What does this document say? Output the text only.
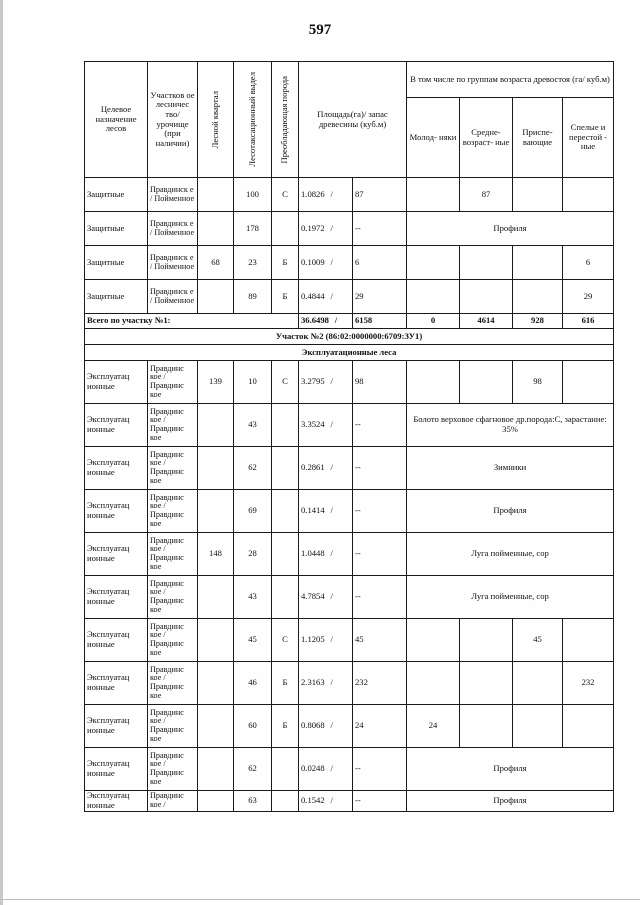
597
Целевое назначение лесов	Участков ое лесничес тво/ урочище (при наличии)	Лесной квартал	Лесотаксационный выдел	Преобладающая порода	Площадь(га)/ запас древесины (куб.м)		В том числе по группам возраста древостоя (га/ куб.м)			
							Молод- няки	Средне- возраст- ные	Приспе- вающие	Спелые и перестой - ные
Защитные	Правдинск е / Пойменное		100	С	1.0826 /	87		87		
Защитные	Правдинск е / Пойменное		178		0.1972 /	--	Профиля			
Защитные	Правдинск е / Пойменное	68	23	Б	0.1009 /	6				6
Защитные	Правдинск е / Пойменное		89	Б	0.4844 /	29				29
Всего по участку №1:					36.6498 /	6158	0	4614	928	616
Участок №2 (86:02:0000000:6709:ЗУ1)										
Эксплуатационные леса										
Эксплуатац ионные	Правдинс кое / Правдинс кое	139	10	С	3.2795 /	98			98	
Эксплуатац ионные	Правдинс кое / Правдинс кое		43		3.3524 /	--	Болото верховое сфагновое др.порода:С, зарастание: 35%			
Эксплуатац ионные	Правдинс кое / Правдинс кое		62		0.2861 /	--	Зимники			
Эксплуатац ионные	Правдинс кое / Правдинс кое		69		0.1414 /	--	Профиля			
Эксплуатац ионные	Правдинс кое / Правдинс кое	148	28		1.0448 /	--	Луга пойменные, сор			
Эксплуатац ионные	Правдинс кое / Правдинс кое		43		4.7854 /	--	Луга пойменные, сор			
Эксплуатац ионные	Правдинс кое / Правдинс кое		45	С	1.1205 /	45			45	
Эксплуатац ионные	Правдинс кое / Правдинс кое		46	Б	2.3163 /	232				232
Эксплуатац ионные	Правдинс кое / Правдинс кое		60	Б	0.8068 /	24	24			
Эксплуатац ионные	Правдинс кое / Правдинс кое		62		0.0248 /	--	Профиля			
Эксплуатац ионные	Правдинс кое /		63		0.1542 /	--	Профиля			
